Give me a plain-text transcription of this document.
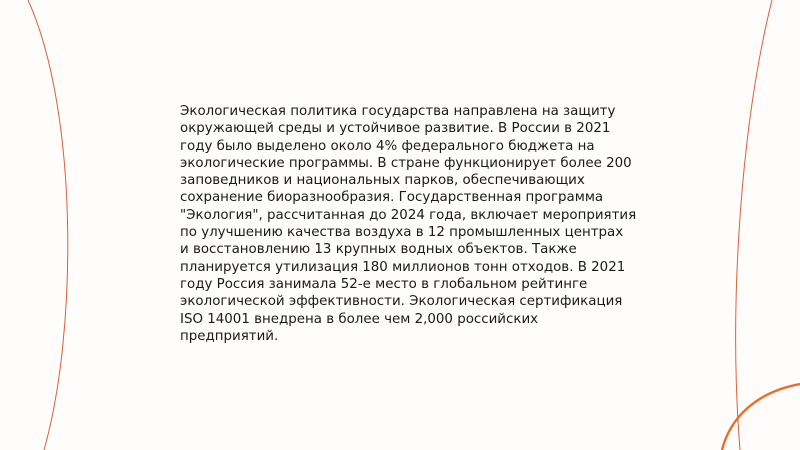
Экологическая политика государства направлена на защиту
окружающей среды и устойчивое развитие. В России в 2021
году было выделено около 4% федерального бюджета на
экологические программы. В стране функционирует более 200
заповедников и национальных парков, обеспечивающих
сохранение биоразнообразия. Государственная программа
"Экология", рассчитанная до 2024 года, включает мероприятия
по улучшению качества воздуха в 12 промышленных центрах
и восстановлению 13 крупных водных объектов. Также
планируется утилизация 180 миллионов тонн отходов. В 2021
году Россия занимала 52-е место в глобальном рейтинге
экологической эффективности. Экологическая сертификация
ISO 14001 внедрена в более чем 2,000 российских
предприятий.
